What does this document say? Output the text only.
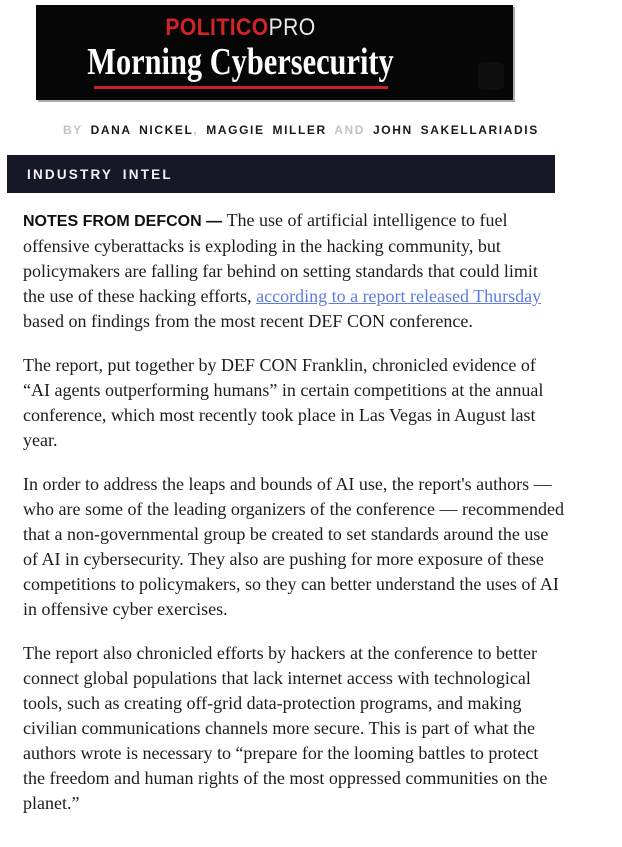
POLITICOPRO
Morning Cybersecurity
BY DANA NICKEL, MAGGIE MILLER AND JOHN SAKELLARIADIS
INDUSTRY INTEL

NOTES FROM DEFCON — The use of artificial intelligence to fuel offensive cyberattacks is exploding in the hacking community, but policymakers are falling far behind on setting standards that could limit the use of these hacking efforts, according to a report released Thursday based on findings from the most recent DEF CON conference.

The report, put together by DEF CON Franklin, chronicled evidence of “AI agents outperforming humans” in certain competitions at the annual conference, which most recently took place in Las Vegas in August last year.

In order to address the leaps and bounds of AI use, the report's authors — who are some of the leading organizers of the conference — recommended that a non-governmental group be created to set standards around the use of AI in cybersecurity. They also are pushing for more exposure of these competitions to policymakers, so they can better understand the uses of AI in offensive cyber exercises.

The report also chronicled efforts by hackers at the conference to better connect global populations that lack internet access with technological tools, such as creating off-grid data-protection programs, and making civilian communications channels more secure. This is part of what the authors wrote is necessary to “prepare for the looming battles to protect the freedom and human rights of the most oppressed communities on the planet.”
